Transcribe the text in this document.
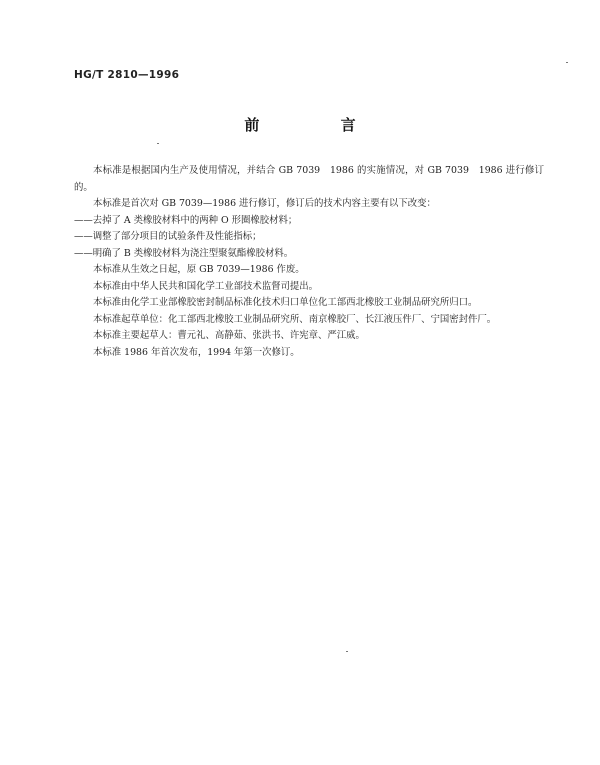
HG/T 2810—1996
前 言

本标准是根据国内生产及使用情况，并结合 GB 7039　1986 的实施情况，对 GB 7039　1986 进行修订的。

本标准是首次对 GB 7039—1986 进行修订，修订后的技术内容主要有以下改变：

——去掉了 A 类橡胶材料中的两种 O 形圈橡胶材料；

——调整了部分项目的试验条件及性能指标；

——明确了 B 类橡胶材料为浇注型聚氨酯橡胶材料。

本标准从生效之日起，原 GB 7039—1986 作废。

本标准由中华人民共和国化学工业部技术监督司提出。

本标准由化学工业部橡胶密封制品标准化技术归口单位化工部西北橡胶工业制品研究所归口。

本标准起草单位：化工部西北橡胶工业制品研究所、南京橡胶厂、长江液压件厂、宁国密封件厂。

本标准主要起草人：曹元礼、高静茹、张洪书、许宪章、严江威。

本标准 1986 年首次发布，1994 年第一次修订。
